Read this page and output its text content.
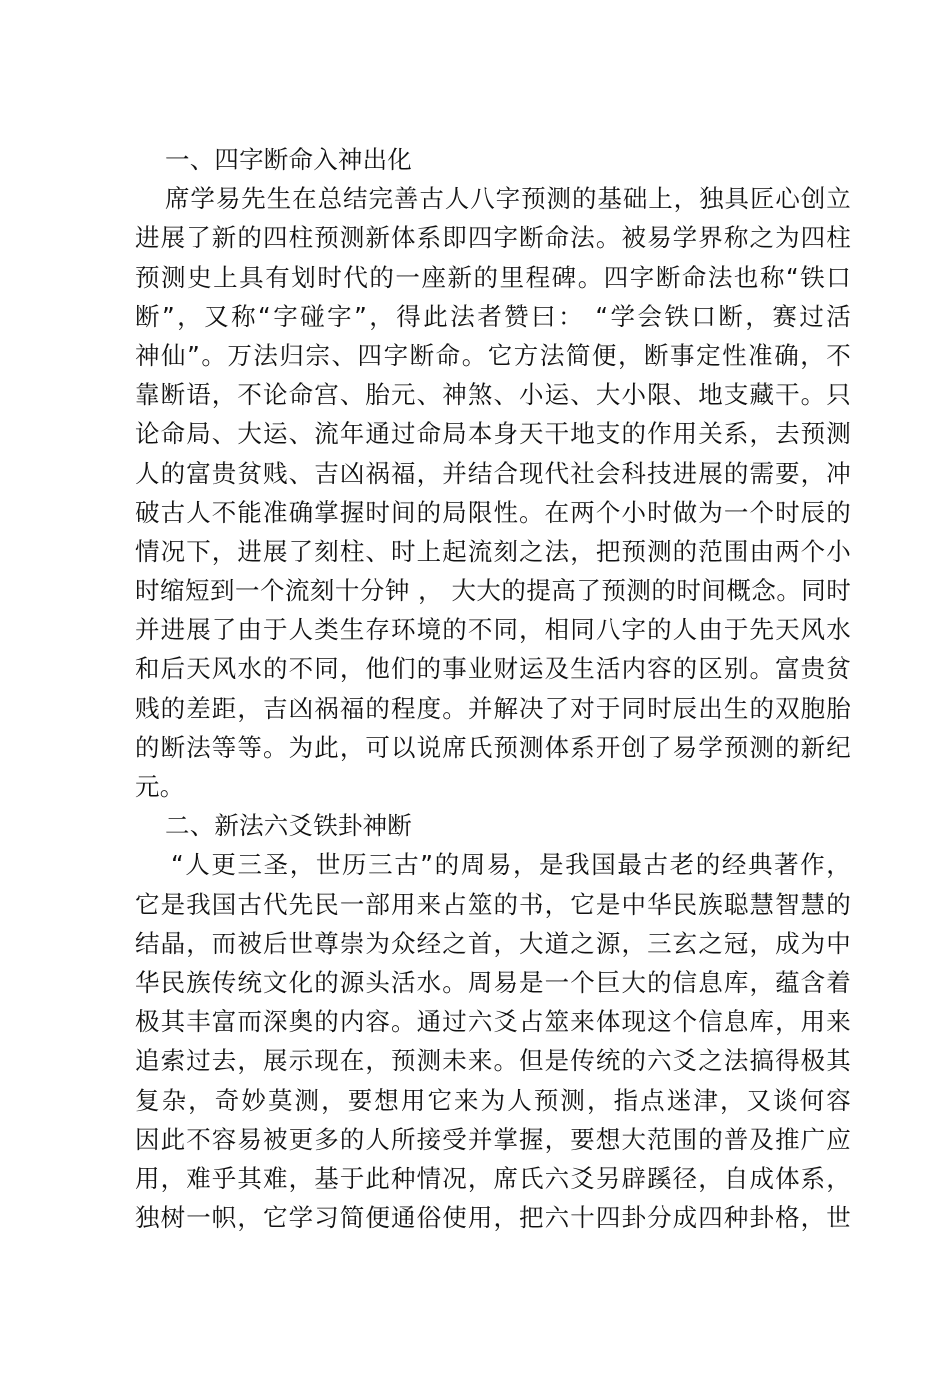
一、四字断命入神出化
席学易先生在总结完善古人八字预测的基础上，独具匠心创立
进展了新的四柱预测新体系即四字断命法。被易学界称之为四柱
预测史上具有划时代的一座新的里程碑。四字断命法也称“铁口
断”，又称“字碰字”，得此法者赞曰： “学会铁口断，赛过活
神仙”。万法归宗、四字断命。它方法简便，断事定性准确，不
靠断语，不论命宫、胎元、神煞、小运、大小限、地支藏干。只
论命局、大运、流年通过命局本身天干地支的作用关系，去预测
人的富贵贫贱、吉凶祸福，并结合现代社会科技进展的需要，冲
破古人不能准确掌握时间的局限性。在两个小时做为一个时辰的
情况下，进展了刻柱、时上起流刻之法，把预测的范围由两个小
时缩短到一个流刻十分钟 ， 大大的提高了预测的时间概念。同时
并进展了由于人类生存环境的不同，相同八字的人由于先天风水
和后天风水的不同，他们的事业财运及生活内容的区别。富贵贫
贱的差距，吉凶祸福的程度。并解决了对于同时辰出生的双胞胎
的断法等等。为此，可以说席氏预测体系开创了易学预测的新纪
元。
二、新法六爻铁卦神断
“人更三圣，世历三古”的周易，是我国最古老的经典著作，
它是我国古代先民一部用来占筮的书，它是中华民族聪慧智慧的
结晶，而被后世尊崇为众经之首，大道之源，三玄之冠，成为中
华民族传统文化的源头活水。周易是一个巨大的信息库，蕴含着
极其丰富而深奥的内容。通过六爻占筮来体现这个信息库，用来
追索过去，展示现在，预测未来。但是传统的六爻之法搞得极其
复杂，奇妙莫测，要想用它来为人预测，指点迷津，又谈何容
因此不容易被更多的人所接受并掌握，要想大范围的普及推广应
用，难乎其难，基于此种情况，席氏六爻另辟蹊径，自成体系，
独树一帜，它学习简便通俗使用，把六十四卦分成四种卦格，世
